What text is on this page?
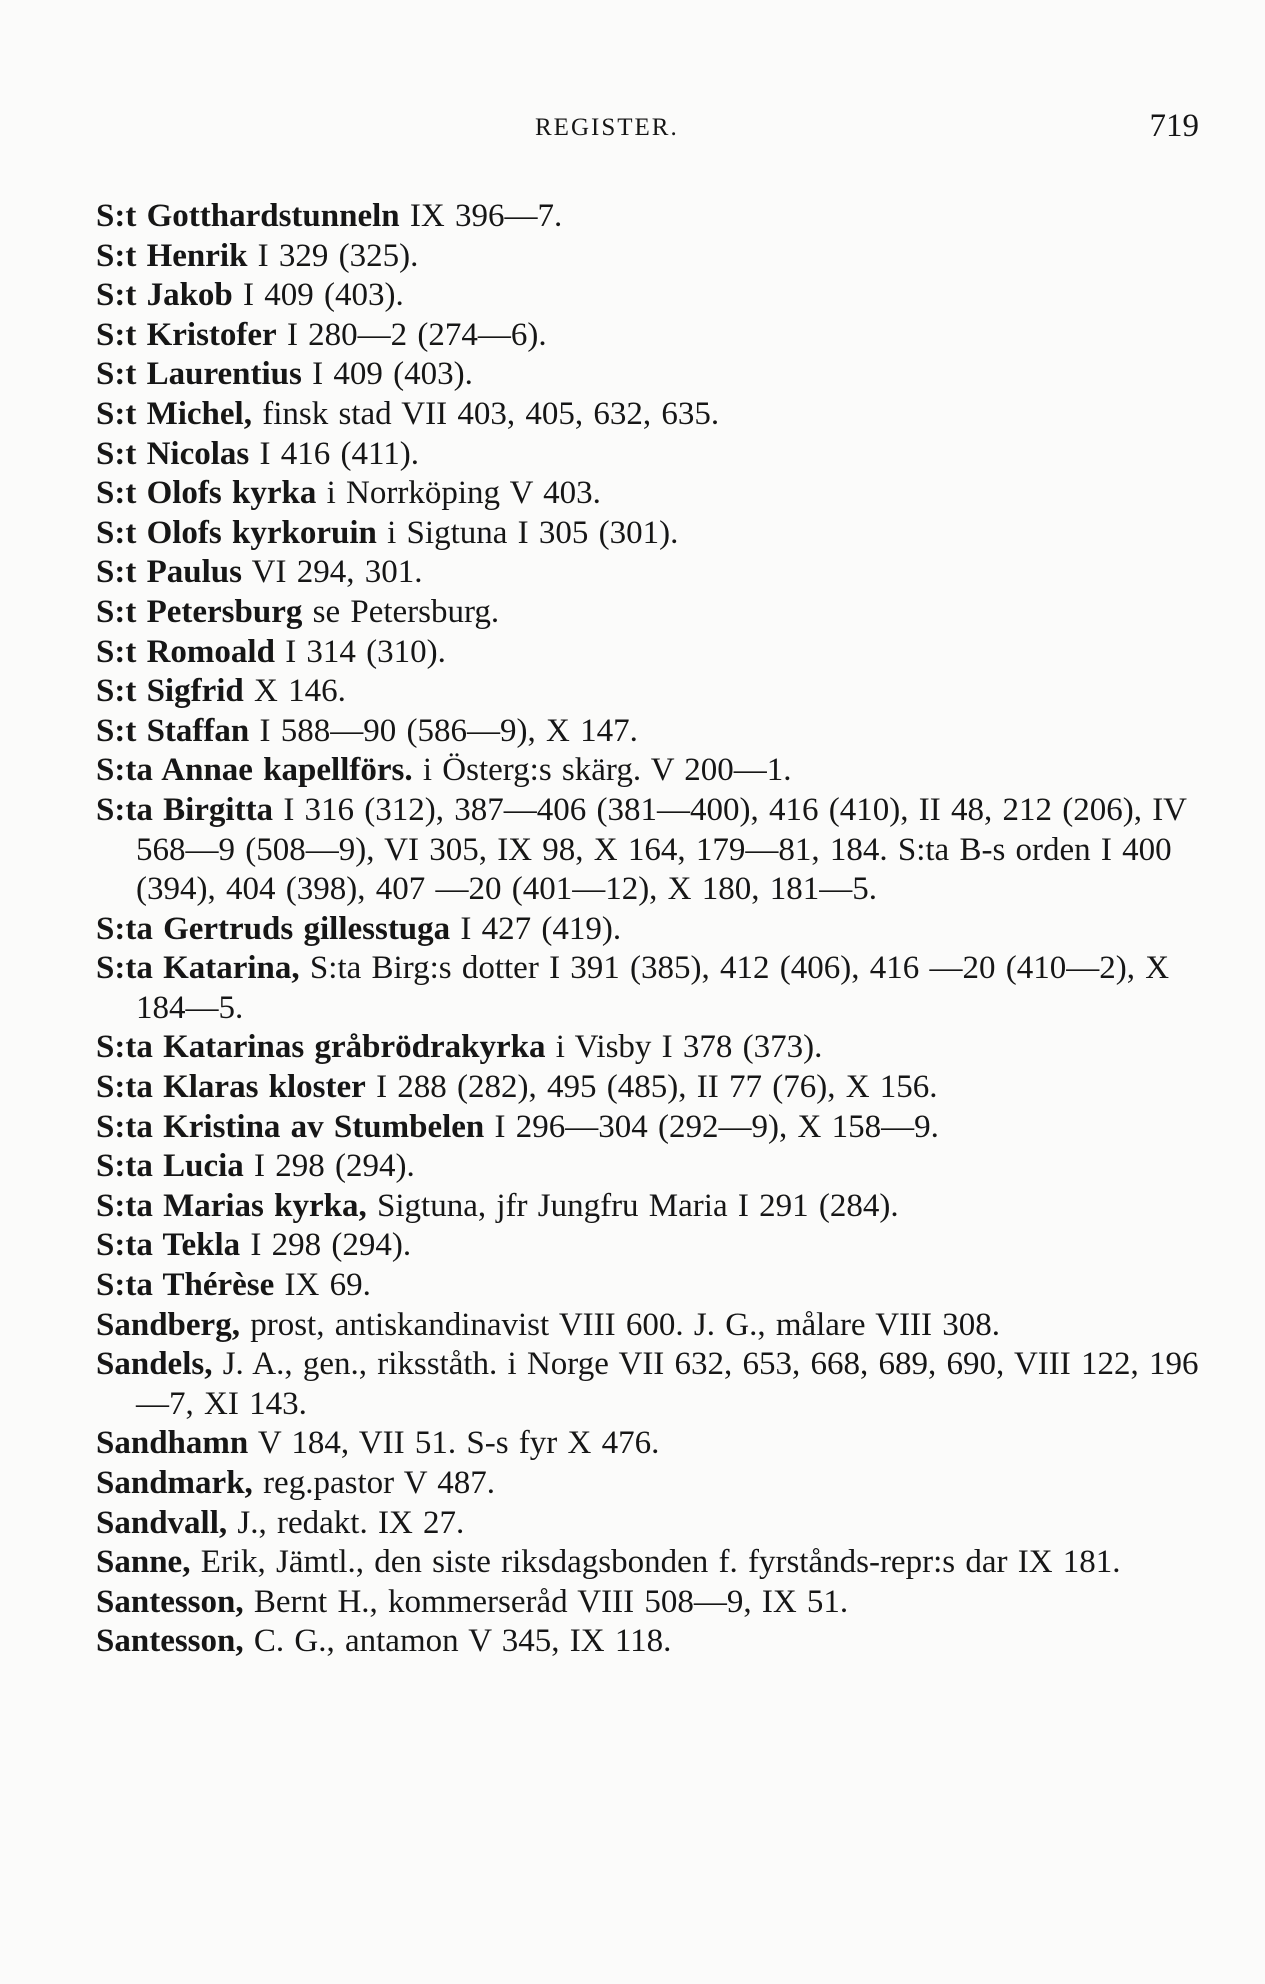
REGISTER.	719
S:t Gotthardstunneln IX 396—7.
S:t Henrik I 329 (325).
S:t Jakob I 409 (403).
S:t Kristofer I 280—2 (274—6).
S:t Laurentius I 409 (403).
S:t Michel, finsk stad VII 403, 405, 632, 635.
S:t Nicolas I 416 (411).
S:t Olofs kyrka i Norrköping V 403.
S:t Olofs kyrkoruin i Sigtuna I 305 (301).
S:t Paulus VI 294, 301.
S:t Petersburg se Petersburg.
S:t Romoald I 314 (310).
S:t Sigfrid X 146.
S:t Staffan I 588—90 (586—9), X 147.
S:ta Annae kapellförs. i Österg:s skärg. V 200—1.
S:ta Birgitta I 316 (312), 387—406 (381—400), 416 (410), II 48, 212 (206), IV 568—9 (508—9), VI 305, IX 98, X 164, 179—81, 184. S:ta B-s orden I 400 (394), 404 (398), 407 —20 (401—12), X 180, 181—5.
S:ta Gertruds gillesstuga I 427 (419).
S:ta Katarina, S:ta Birg:s dotter I 391 (385), 412 (406), 416 —20 (410—2), X 184—5.
S:ta Katarinas gråbrödrakyrka i Visby I 378 (373).
S:ta Klaras kloster I 288 (282), 495 (485), II 77 (76), X 156.
S:ta Kristina av Stumbelen I 296—304 (292—9), X 158—9.
S:ta Lucia I 298 (294).
S:ta Marias kyrka, Sigtuna, jfr Jungfru Maria I 291 (284).
S:ta Tekla I 298 (294).
S:ta Thérèse IX 69.
Sandberg, prost, antiskandinavist VIII 600. J. G., målare VIII 308.
Sandels, J. A., gen., riksståth. i Norge VII 632, 653, 668, 689, 690, VIII 122, 196—7, XI 143.
Sandhamn V 184, VII 51. S-s fyr X 476.
Sandmark, reg.pastor V 487.
Sandvall, J., redakt. IX 27.
Sanne, Erik, Jämtl., den siste riksdagsbonden f. fyrstånds-repr:s dar IX 181.
Santesson, Bernt H., kommerseråd VIII 508—9, IX 51.
Santesson, C. G., antamon V 345, IX 118.
